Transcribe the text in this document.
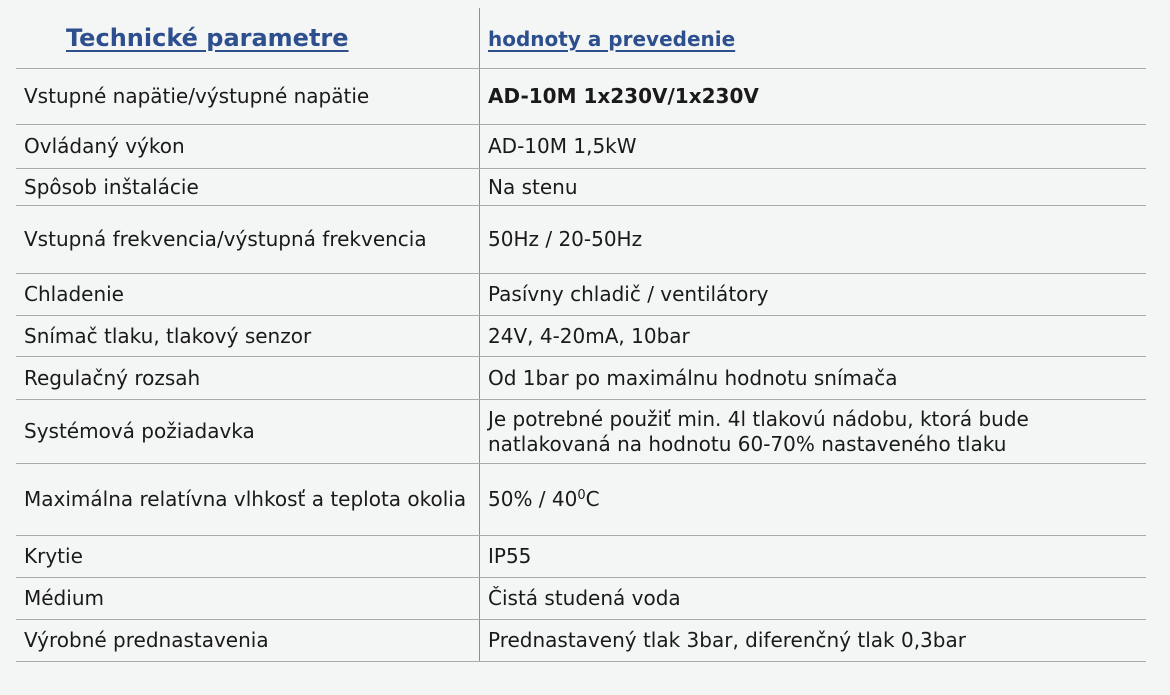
Technické parametre	hodnoty a prevedenie
Vstupné napätie/výstupné napätie	AD-10M 1x230V/1x230V
Ovládaný výkon	AD-10M 1,5kW
Spôsob inštalácie	Na stenu
Vstupná frekvencia/výstupná frekvencia	50Hz / 20-50Hz
Chladenie	Pasívny chladič / ventilátory
Snímač tlaku, tlakový senzor	24V, 4-20mA, 10bar
Regulačný rozsah	Od 1bar po maximálnu hodnotu snímača
Systémová požiadavka	Je potrebné použiť min. 4l tlakovú nádobu, ktorá bude natlakovaná na hodnotu 60-70% nastaveného tlaku
Maximálna relatívna vlhkosť a teplota okolia	$50\% / 40^0C$
Krytie	IP55
Médium	Čistá studená voda
Výrobné prednastavenia	Prednastavený tlak 3bar, diferenčný tlak 0,3bar
